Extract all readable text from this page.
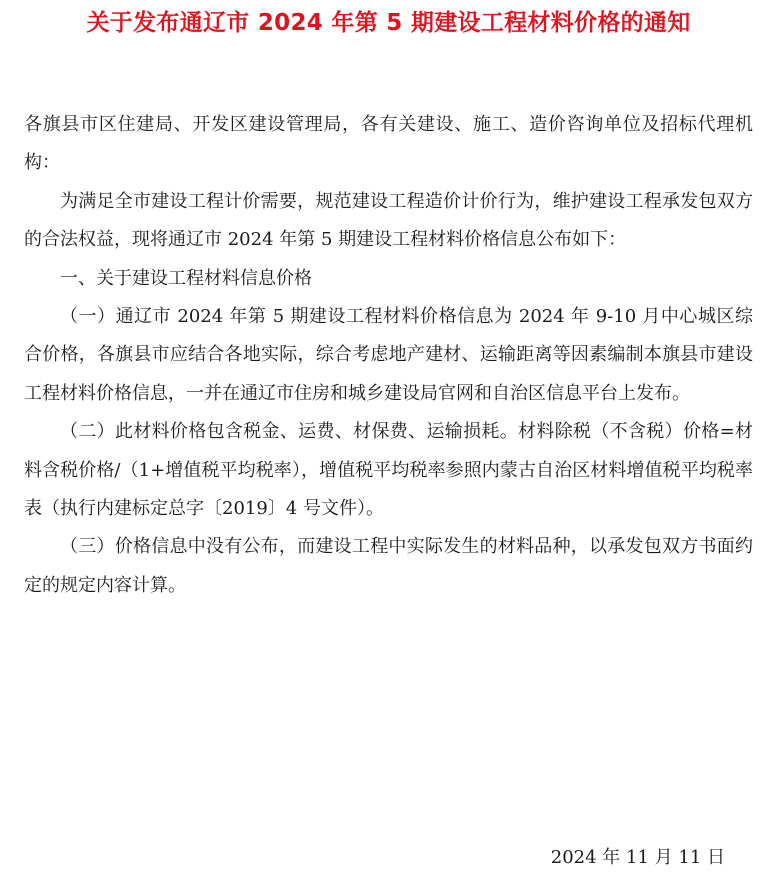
关于发布通辽市 2024 年第 5 期建设工程材料价格的通知

各旗县市区住建局、开发区建设管理局，各有关建设、施工、造价咨询单位及招标代理机构：

为满足全市建设工程计价需要，规范建设工程造价计价行为，维护建设工程承发包双方的合法权益，现将通辽市 2024 年第 5 期建设工程材料价格信息公布如下：

一、关于建设工程材料信息价格

（一）通辽市 2024 年第 5 期建设工程材料价格信息为 2024 年 9-10 月中心城区综合价格，各旗县市应结合各地实际，综合考虑地产建材、运输距离等因素编制本旗县市建设工程材料价格信息，一并在通辽市住房和城乡建设局官网和自治区信息平台上发布。

（二）此材料价格包含税金、运费、材保费、运输损耗。材料除税（不含税）价格=材料含税价格/（1+增值税平均税率），增值税平均税率参照内蒙古自治区材料增值税平均税率表（执行内建标定总字〔2019〕4 号文件）。

（三）价格信息中没有公布，而建设工程中实际发生的材料品种，以承发包双方书面约定的规定内容计算。

2024 年 11 月 11 日
